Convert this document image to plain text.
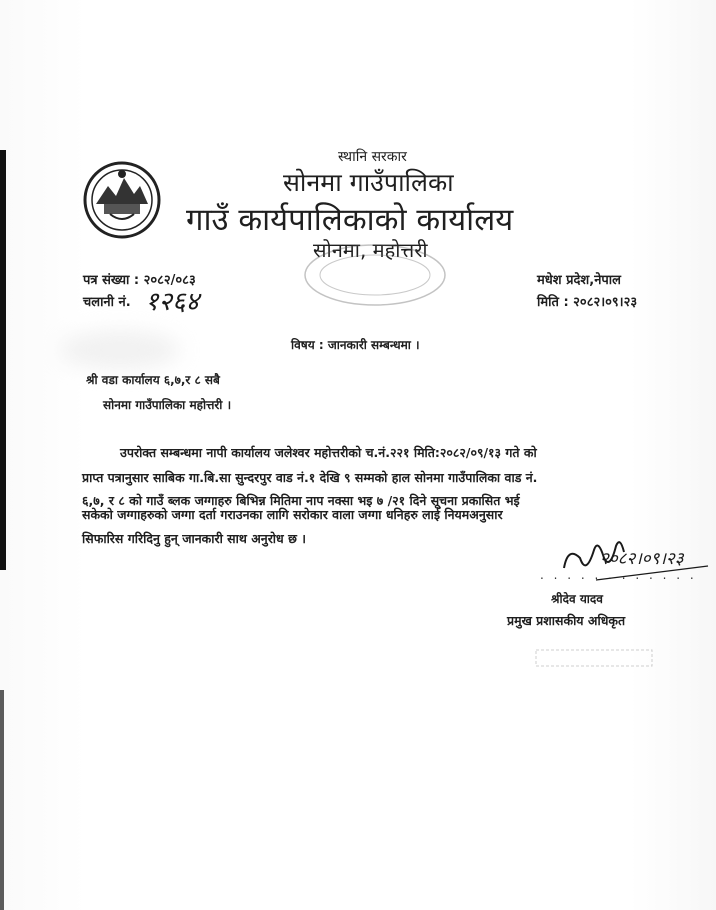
स्थानि सरकार
सोनमा गाउँपालिका
गाउँ कार्यपालिकाको कार्यालय
सोनमा, महोत्तरी
पत्र संख्या : २०८२/०८३
चलानी नं. १२६४
मधेश प्रदेश,नेपाल
मिति : २०८२।०९।२३
विषय : जानकारी सम्बन्धमा ।
श्री वडा कार्यालय ६,७,र ८ सबै
सोनमा गाउँपालिका महोत्तरी ।
उपरोक्त सम्बन्धमा नापी कार्यालय जलेश्वर महोत्तरीको च.नं.२२१ मिति:२०८२/०९/१३ गते को
प्राप्त पत्रानुसार साबिक गा.बि.सा सुन्दरपुर वाड नं.१ देखि ९ सम्मको हाल सोनमा गाउँपालिका वाड नं.
६,७, र ८ को गाउँ ब्लक जग्गाहरु बिभिन्न मितिमा नाप नक्सा भइ ७ /२१ दिने सूचना प्रकासित भई
सकेको जग्गाहरुको जग्गा दर्ता गराउनका लागि सरोकार वाला जग्गा धनिहरु लाई नियमअनुसार
सिफारिस गरिदिनु हुन् जानकारी साथ अनुरोध छ ।
२०८२।०९।२३
. . . . . . . . . . . .
श्रीदेव यादव
प्रमुख प्रशासकीय अधिकृत
